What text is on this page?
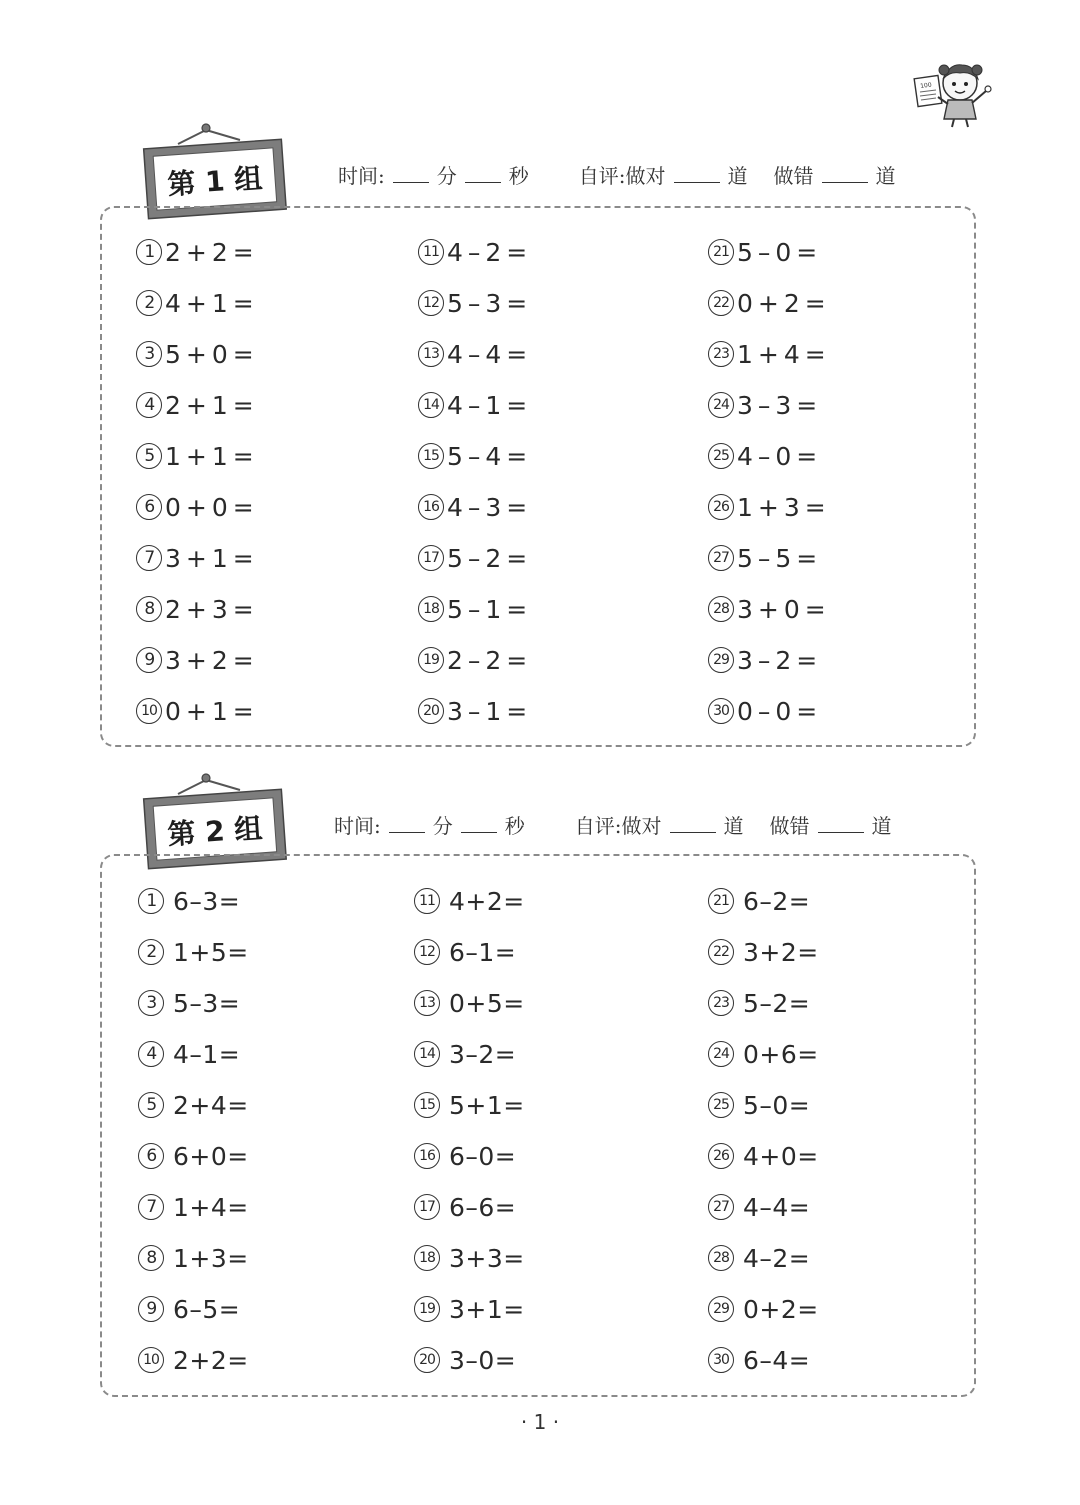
100
第 1 组	时间:	分	秒	自评:做对	道 做错	道
1 2+2=
2 4+1=
3 5+0=
4 2+1=
5 1+1=
6 0+0=
7 3+1=
8 2+3=
9 3+2=
10 0+1=
11 4–2=
12 5–3=
13 4–4=
14 4–1=
15 5–4=
16 4–3=
17 5–2=
18 5–1=
19 2–2=
20 3–1=
21 5–0=
22 0+2=
23 1+4=
24 3–3=
25 4–0=
26 1+3=
27 5–5=
28 3+0=
29 3–2=
30 0–0=
第 2 组	时间:	分	秒	自评:做对	道 做错	道
1 6–3=
2 1+5=
3 5–3=
4 4–1=
5 2+4=
6 6+0=
7 1+4=
8 1+3=
9 6–5=
10 2+2=
11 4+2=
12 6–1=
13 0+5=
14 3–2=
15 5+1=
16 6–0=
17 6–6=
18 3+3=
19 3+1=
20 3–0=
21 6–2=
22 3+2=
23 5–2=
24 0+6=
25 5–0=
26 4+0=
27 4–4=
28 4–2=
29 0+2=
30 6–4=
· 1 ·
